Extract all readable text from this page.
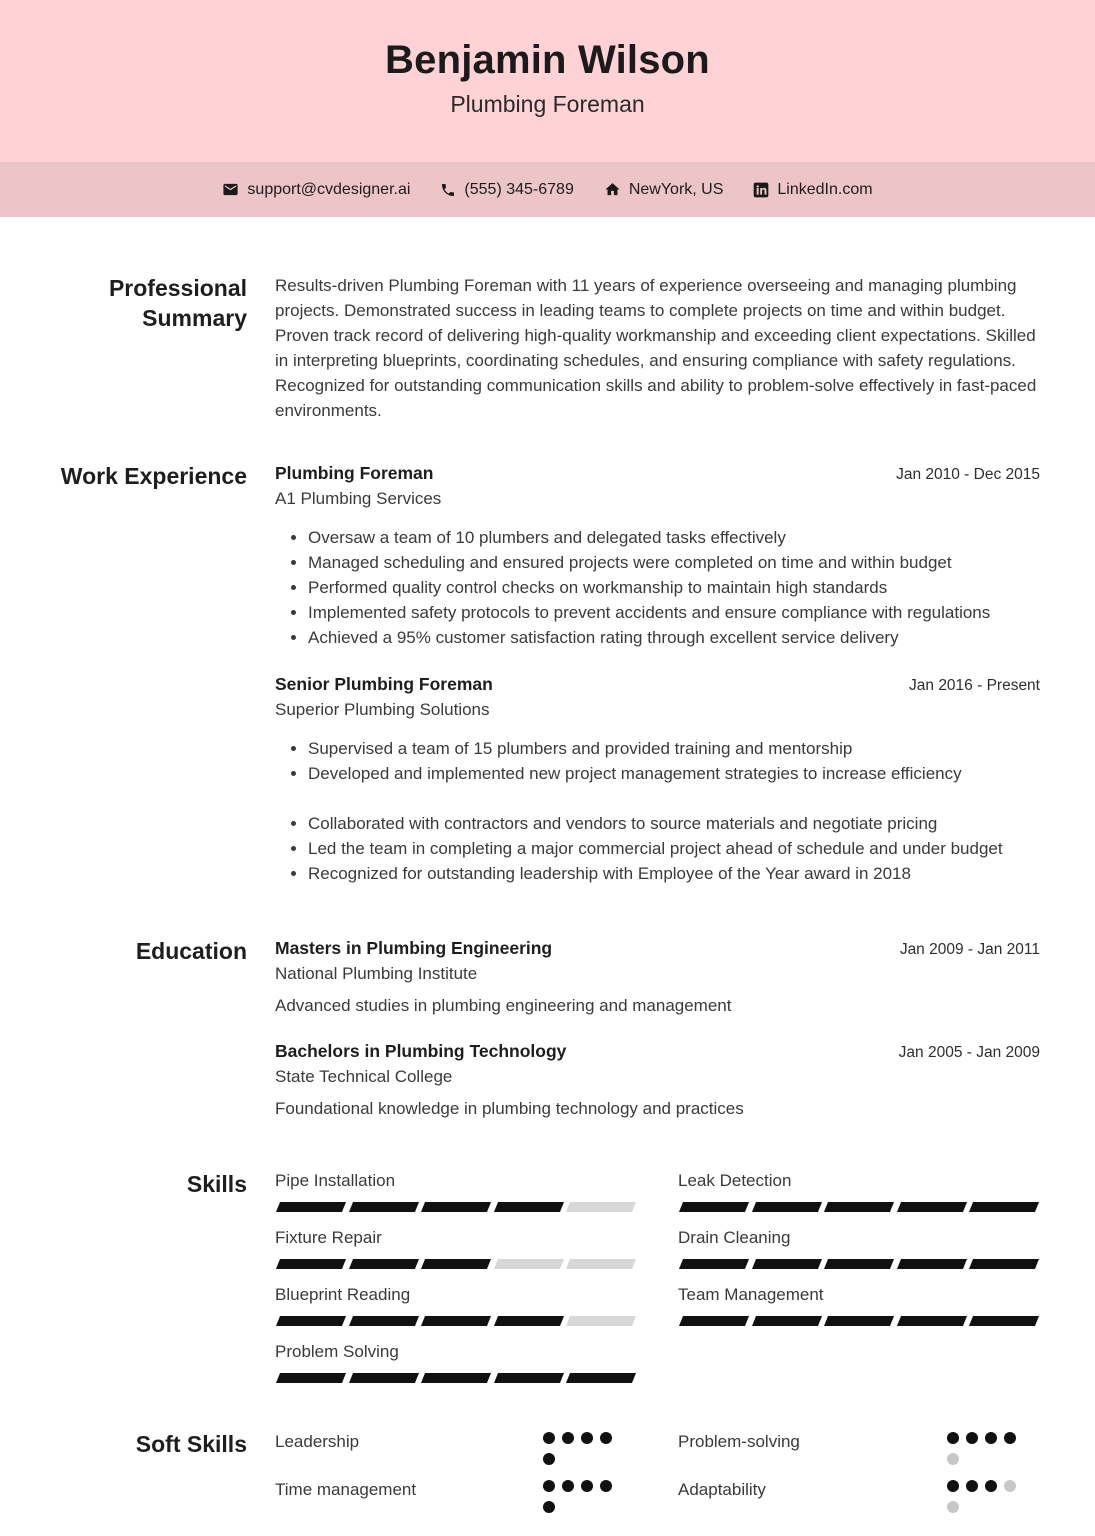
Benjamin Wilson
Plumbing Foreman
support@cvdesigner.ai	(555) 345-6789	NewYork, US	LinkedIn.com
Professional Summary

Results-driven Plumbing Foreman with 11 years of experience overseeing and managing plumbing projects. Demonstrated success in leading teams to complete projects on time and within budget. Proven track record of delivering high-quality workmanship and exceeding client expectations. Skilled in interpreting blueprints, coordinating schedules, and ensuring compliance with safety regulations. Recognized for outstanding communication skills and ability to problem-solve effectively in fast-paced environments.

Work Experience Plumbing Foreman	Jan 2010 - Dec 2015
A1 Plumbing Services
• Oversaw a team of 10 plumbers and delegated tasks effectively
• Managed scheduling and ensured projects were completed on time and within budget
• Performed quality control checks on workmanship to maintain high standards
• Implemented safety protocols to prevent accidents and ensure compliance with regulations
• Achieved a 95% customer satisfaction rating through excellent service delivery
Senior Plumbing Foreman	Jan 2016 - Present
Superior Plumbing Solutions
• Supervised a team of 15 plumbers and provided training and mentorship
• Developed and implemented new project management strategies to increase efficiency
• Collaborated with contractors and vendors to source materials and negotiate pricing
• Led the team in completing a major commercial project ahead of schedule and under budget
• Recognized for outstanding leadership with Employee of the Year award in 2018
Education Masters in Plumbing Engineering	Jan 2009 - Jan 2011
National Plumbing Institute
Advanced studies in plumbing engineering and management
Bachelors in Plumbing Technology	Jan 2005 - Jan 2009
State Technical College
Foundational knowledge in plumbing technology and practices
Skills Pipe Installation
Fixture Repair
Blueprint Reading
Problem Solving
Leak Detection
Drain Cleaning
Team Management
Soft Skills Leadership	Problem-solving
Time management	Adaptability
